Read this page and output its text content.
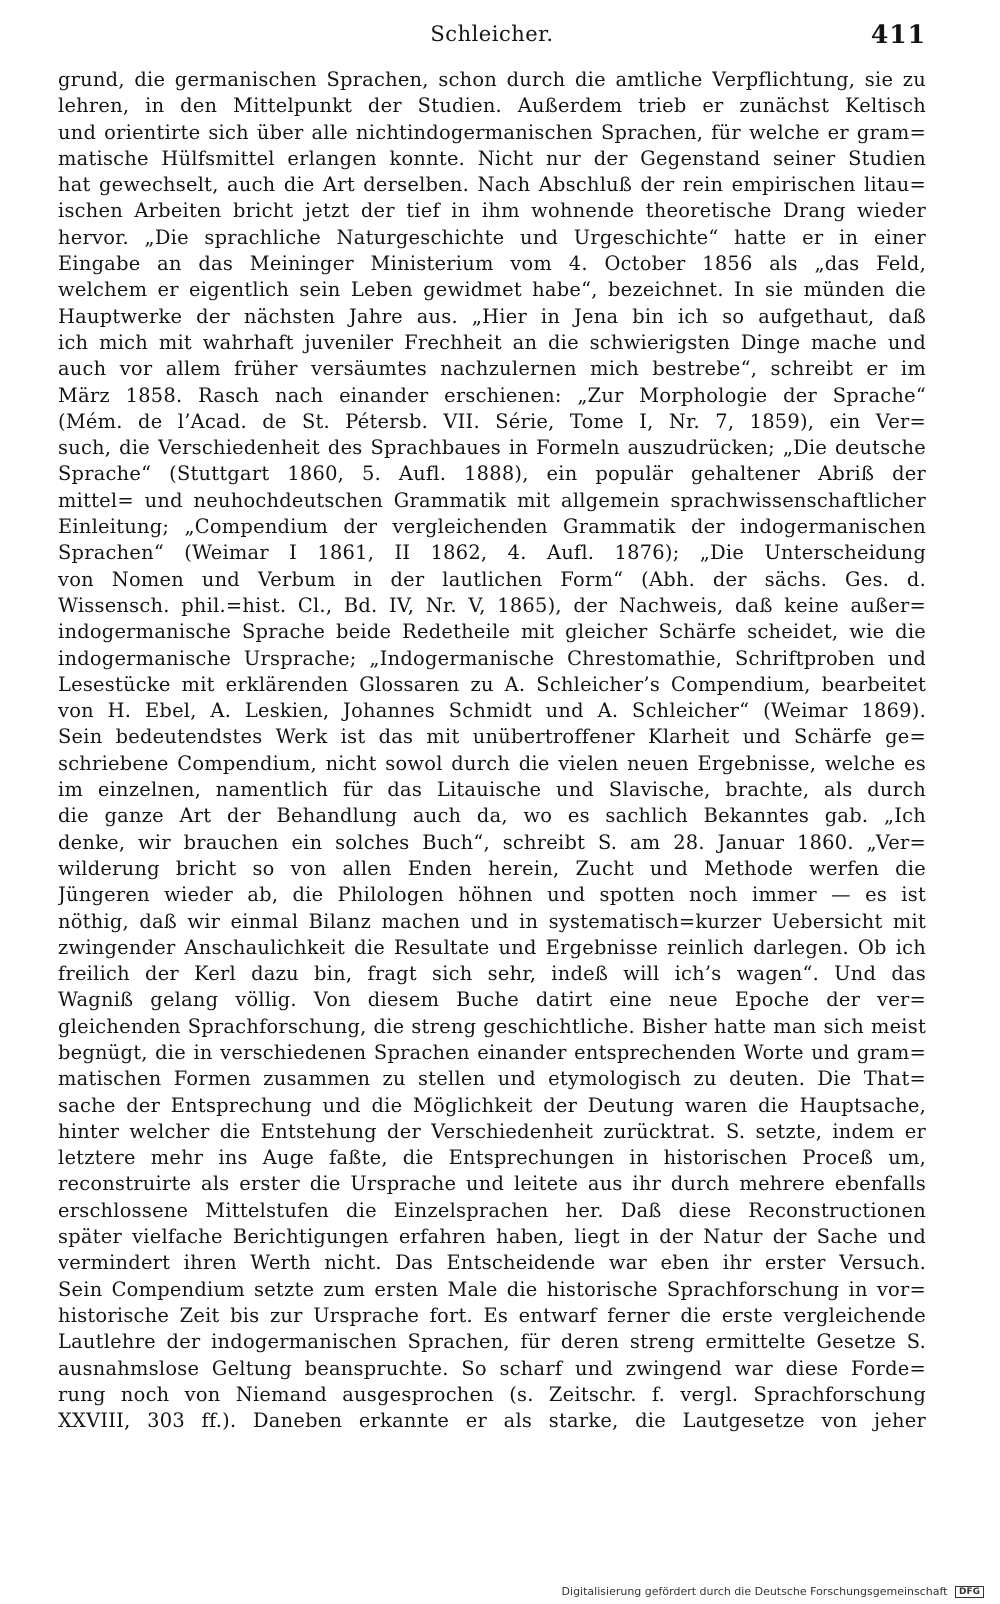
Schleicher.	411
grund, die germanischen Sprachen, schon durch die amtliche Verpflichtung, sie zu
lehren, in den Mittelpunkt der Studien. Außerdem trieb er zunächst Keltisch
und orientirte sich über alle nichtindogermanischen Sprachen, für welche er gram=
matische Hülfsmittel erlangen konnte. Nicht nur der Gegenstand seiner Studien
hat gewechselt, auch die Art derselben. Nach Abschluß der rein empirischen litau=
ischen Arbeiten bricht jetzt der tief in ihm wohnende theoretische Drang wieder
hervor. „Die sprachliche Naturgeschichte und Urgeschichte“ hatte er in einer
Eingabe an das Meininger Ministerium vom 4. October 1856 als „das Feld,
welchem er eigentlich sein Leben gewidmet habe“, bezeichnet. In sie münden die
Hauptwerke der nächsten Jahre aus. „Hier in Jena bin ich so aufgethaut, daß
ich mich mit wahrhaft juveniler Frechheit an die schwierigsten Dinge mache und
auch vor allem früher versäumtes nachzulernen mich bestrebe“, schreibt er im
März 1858. Rasch nach einander erschienen: „Zur Morphologie der Sprache“
(Mém. de l’Acad. de St. Pétersb. VII. Série, Tome I, Nr. 7, 1859), ein Ver=
such, die Verschiedenheit des Sprachbaues in Formeln auszudrücken; „Die deutsche
Sprache“ (Stuttgart 1860, 5. Aufl. 1888), ein populär gehaltener Abriß der
mittel= und neuhochdeutschen Grammatik mit allgemein sprachwissenschaftlicher
Einleitung; „Compendium der vergleichenden Grammatik der indogermanischen
Sprachen“ (Weimar I 1861, II 1862, 4. Aufl. 1876); „Die Unterscheidung
von Nomen und Verbum in der lautlichen Form“ (Abh. der sächs. Ges. d.
Wissensch. phil.=hist. Cl., Bd. IV, Nr. V, 1865), der Nachweis, daß keine außer=
indogermanische Sprache beide Redetheile mit gleicher Schärfe scheidet, wie die
indogermanische Ursprache; „Indogermanische Chrestomathie, Schriftproben und
Lesestücke mit erklärenden Glossaren zu A. Schleicher’s Compendium, bearbeitet
von H. Ebel, A. Leskien, Johannes Schmidt und A. Schleicher“ (Weimar 1869).
Sein bedeutendstes Werk ist das mit unübertroffener Klarheit und Schärfe ge=
schriebene Compendium, nicht sowol durch die vielen neuen Ergebnisse, welche es
im einzelnen, namentlich für das Litauische und Slavische, brachte, als durch
die ganze Art der Behandlung auch da, wo es sachlich Bekanntes gab. „Ich
denke, wir brauchen ein solches Buch“, schreibt S. am 28. Januar 1860. „Ver=
wilderung bricht so von allen Enden herein, Zucht und Methode werfen die
Jüngeren wieder ab, die Philologen höhnen und spotten noch immer — es ist
nöthig, daß wir einmal Bilanz machen und in systematisch=kurzer Uebersicht mit
zwingender Anschaulichkeit die Resultate und Ergebnisse reinlich darlegen. Ob ich
freilich der Kerl dazu bin, fragt sich sehr, indeß will ich’s wagen“. Und das
Wagniß gelang völlig. Von diesem Buche datirt eine neue Epoche der ver=
gleichenden Sprachforschung, die streng geschichtliche. Bisher hatte man sich meist
begnügt, die in verschiedenen Sprachen einander entsprechenden Worte und gram=
matischen Formen zusammen zu stellen und etymologisch zu deuten. Die That=
sache der Entsprechung und die Möglichkeit der Deutung waren die Hauptsache,
hinter welcher die Entstehung der Verschiedenheit zurücktrat. S. setzte, indem er
letztere mehr ins Auge faßte, die Entsprechungen in historischen Proceß um,
reconstruirte als erster die Ursprache und leitete aus ihr durch mehrere ebenfalls
erschlossene Mittelstufen die Einzelsprachen her. Daß diese Reconstructionen
später vielfache Berichtigungen erfahren haben, liegt in der Natur der Sache und
vermindert ihren Werth nicht. Das Entscheidende war eben ihr erster Versuch.
Sein Compendium setzte zum ersten Male die historische Sprachforschung in vor=
historische Zeit bis zur Ursprache fort. Es entwarf ferner die erste vergleichende
Lautlehre der indogermanischen Sprachen, für deren streng ermittelte Gesetze S.
ausnahmslose Geltung beanspruchte. So scharf und zwingend war diese Forde=
rung noch von Niemand ausgesprochen (s. Zeitschr. f. vergl. Sprachforschung
XXVIII, 303 ff.). Daneben erkannte er als starke, die Lautgesetze von jeher
Digitalisierung gefördert durch die Deutsche Forschungsgemeinschaft DFG
